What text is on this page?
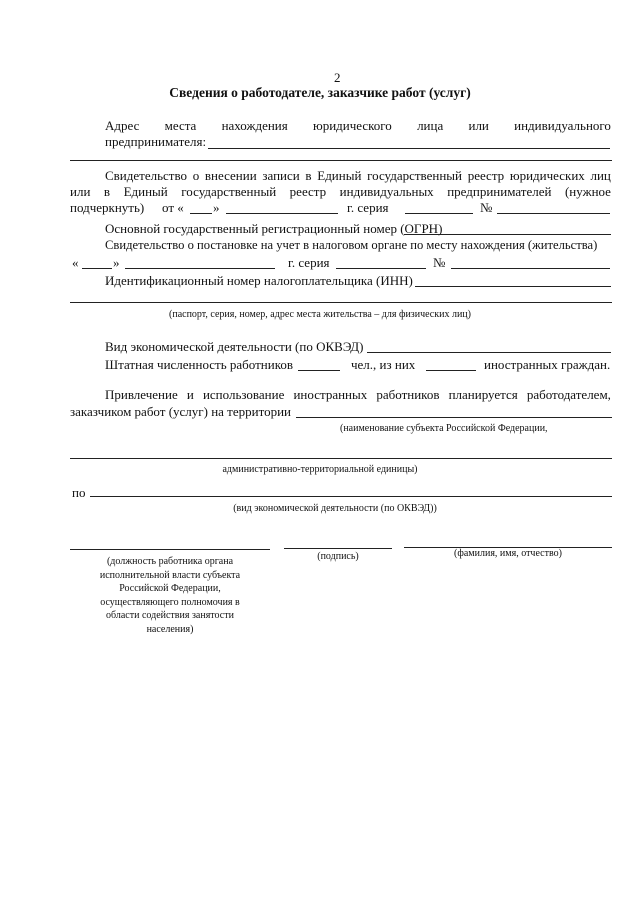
2
Сведения о работодателе, заказчике работ (услуг)
Адрес места нахождения юридического лица или индивидуального
предпринимателя:
Свидетельство о внесении записи в Единый государственный реестр юридических лиц
или в Единый государственный реестр индивидуальных предпринимателей (нужное
подчеркнуть) от « »	г. серия	№
Основной государственный регистрационный номер (ОГРН)
Свидетельство о постановке на учет в налоговом органе по месту нахождения (жительства)
«	»	г. серия	№
Идентификационный номер налогоплательщика (ИНН)
(паспорт, серия, номер, адрес места жительства – для физических лиц)
Вид экономической деятельности (по ОКВЭД)
Штатная численность работников	чел., из них	иностранных граждан.
Привлечение и использование иностранных работников планируется работодателем,
заказчиком работ (услуг) на территории
(наименование субъекта Российской Федерации,
административно-территориальной единицы)
по
(вид экономической деятельности (по ОКВЭД))
(должность работника органа
исполнительной власти субъекта
Российской Федерации,
осуществляющего полномочия в
области содействия занятости
населения)
(подпись)	(фамилия, имя, отчество)
